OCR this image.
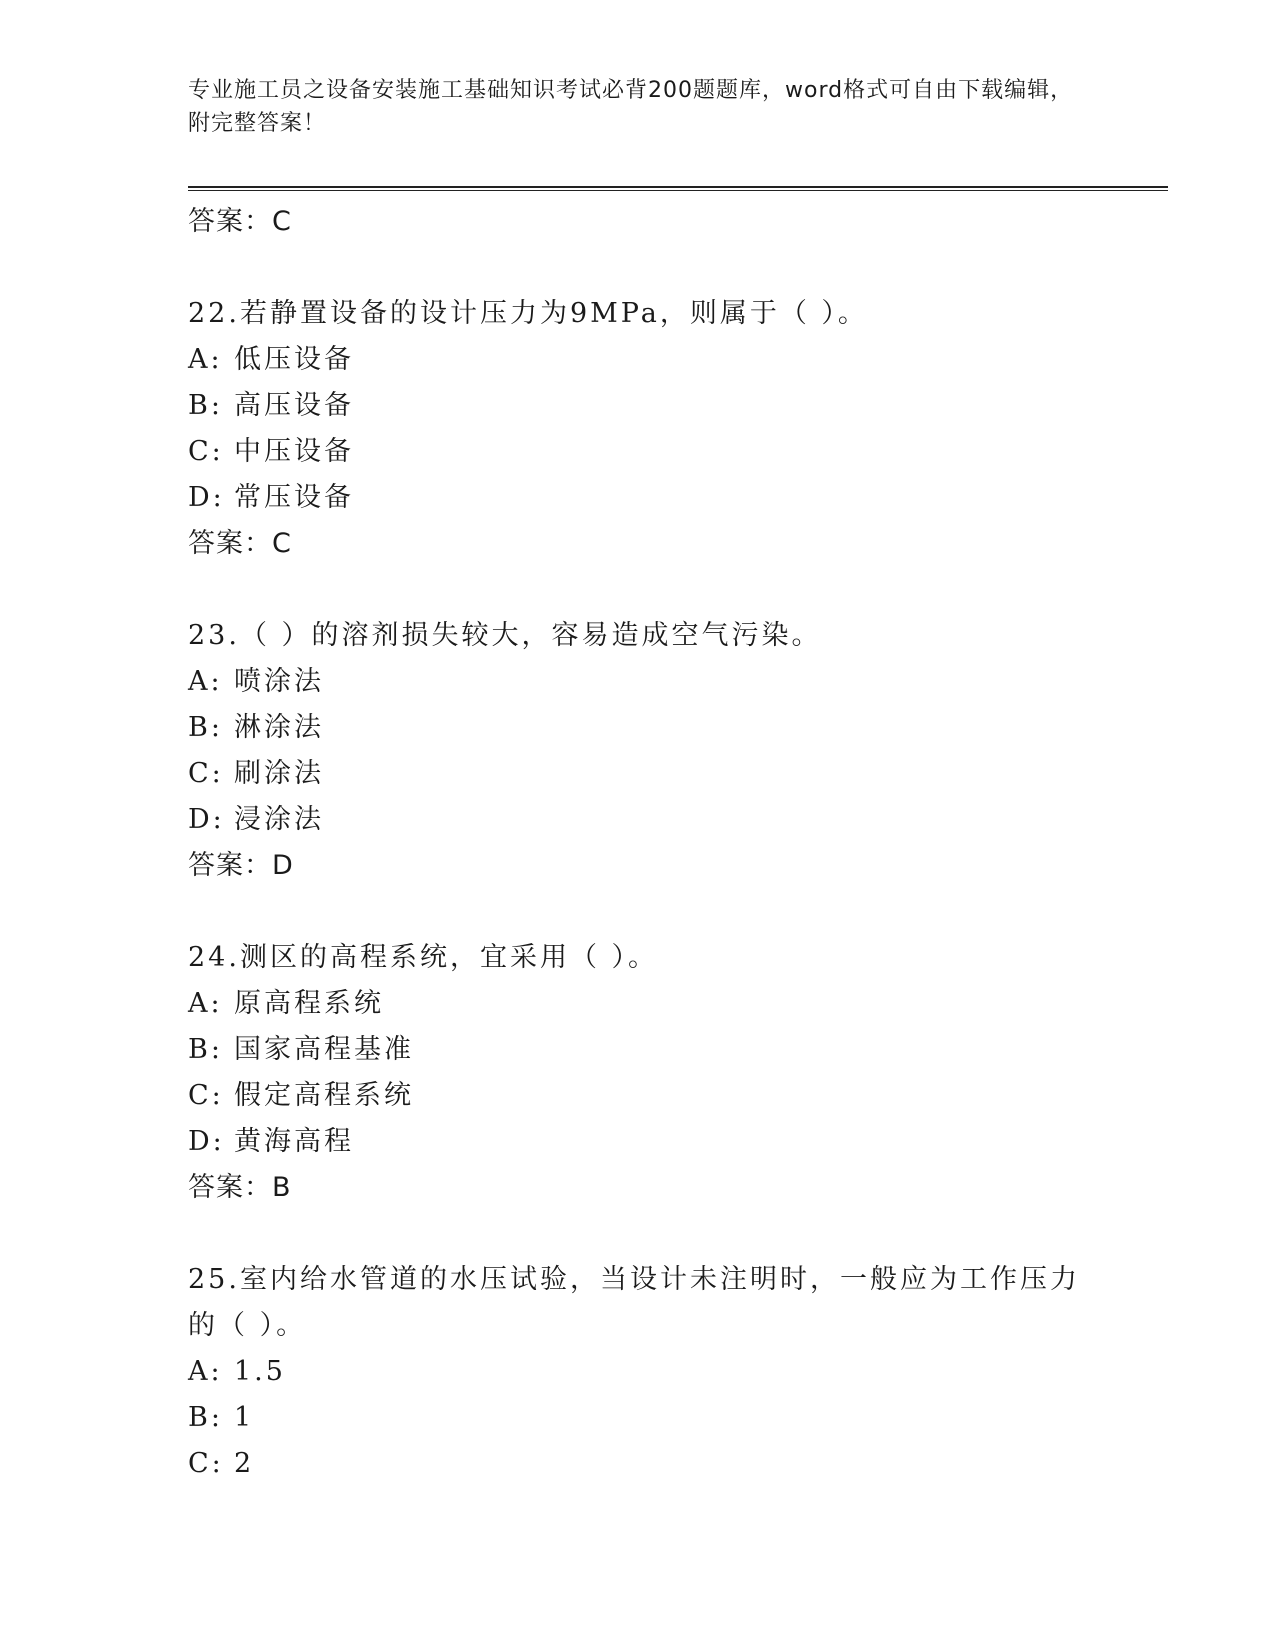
专业施工员之设备安装施工基础知识考试必背200题题库，word格式可自由下载编辑，附完整答案！
答案：C
22.若静置设备的设计压力为9MPa，则属于（ ）。
A: 低压设备
B: 高压设备
C: 中压设备
D: 常压设备
答案：C
23.（ ）的溶剂损失较大，容易造成空气污染。
A: 喷涂法
B: 淋涂法
C: 刷涂法
D: 浸涂法
答案：D
24.测区的高程系统，宜采用（ ）。
A: 原高程系统
B: 国家高程基准
C: 假定高程系统
D: 黄海高程
答案：B
25.室内给水管道的水压试验，当设计未注明时，一般应为工作压力的（ ）。
A: 1.5
B: 1
C: 2
